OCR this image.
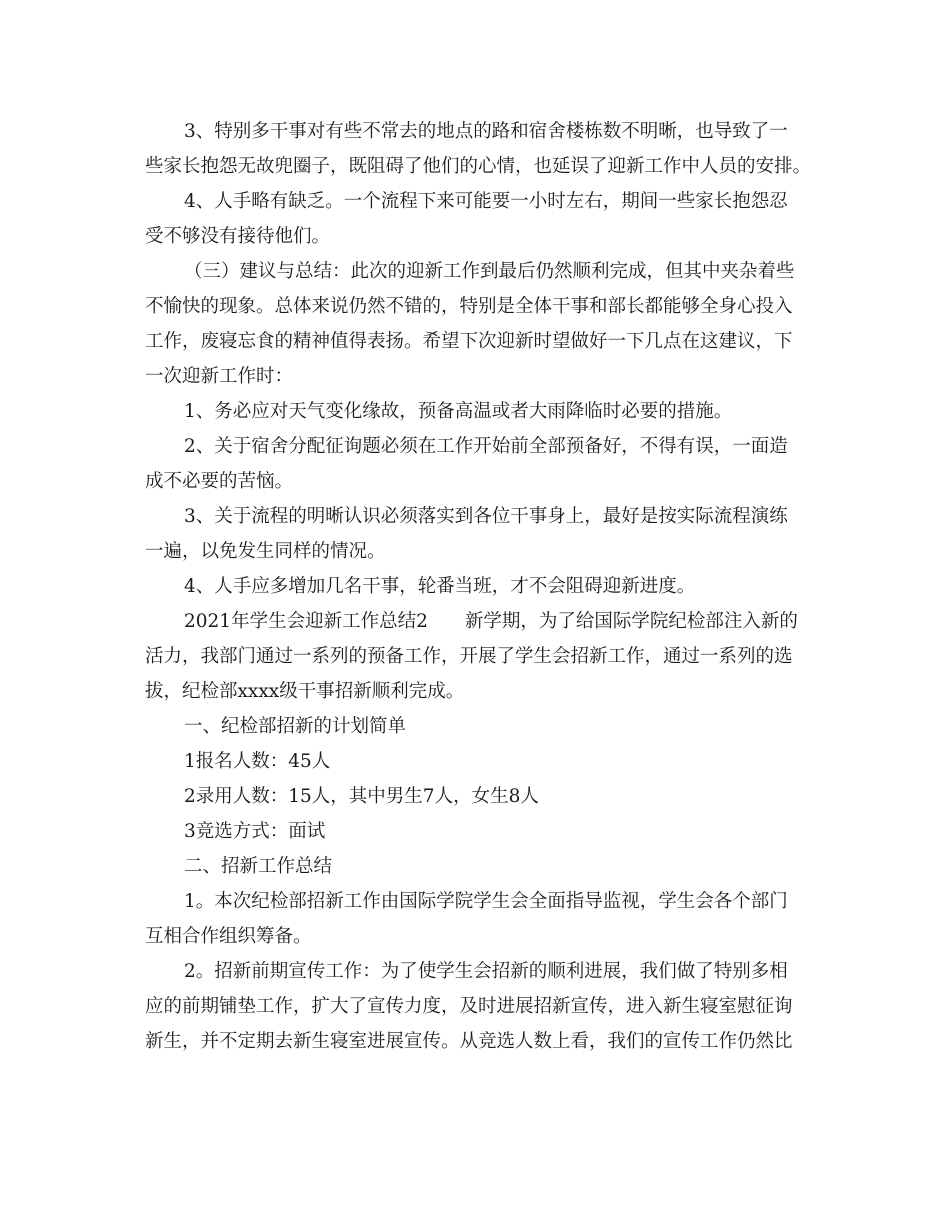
3、特别多干事对有些不常去的地点的路和宿舍楼栋数不明晰，也导致了一
些家长抱怨无故兜圈子，既阻碍了他们的心情，也延误了迎新工作中人员的安排。
4、人手略有缺乏。一个流程下来可能要一小时左右，期间一些家长抱怨忍
受不够没有接待他们。
（三）建议与总结：此次的迎新工作到最后仍然顺利完成，但其中夹杂着些
不愉快的现象。总体来说仍然不错的，特别是全体干事和部长都能够全身心投入
工作，废寝忘食的精神值得表扬。希望下次迎新时望做好一下几点在这建议，下
一次迎新工作时：
1、务必应对天气变化缘故，预备高温或者大雨降临时必要的措施。
2、关于宿舍分配征询题必须在工作开始前全部预备好，不得有误，一面造
成不必要的苦恼。
3、关于流程的明晰认识必须落实到各位干事身上，最好是按实际流程演练
一遍，以免发生同样的情况。
4、人手应多增加几名干事，轮番当班，才不会阻碍迎新进度。
2021年学生会迎新工作总结2　　新学期，为了给国际学院纪检部注入新的
活力，我部门通过一系列的预备工作，开展了学生会招新工作，通过一系列的选
拔，纪检部xxxx级干事招新顺利完成。
一、纪检部招新的计划简单
1报名人数：45人
2录用人数：15人，其中男生7人，女生8人
3竞选方式：面试
二、招新工作总结
1。本次纪检部招新工作由国际学院学生会全面指导监视，学生会各个部门
互相合作组织筹备。
2。招新前期宣传工作：为了使学生会招新的顺利进展，我们做了特别多相
应的前期铺垫工作，扩大了宣传力度，及时进展招新宣传，进入新生寝室慰征询
新生，并不定期去新生寝室进展宣传。从竞选人数上看，我们的宣传工作仍然比
